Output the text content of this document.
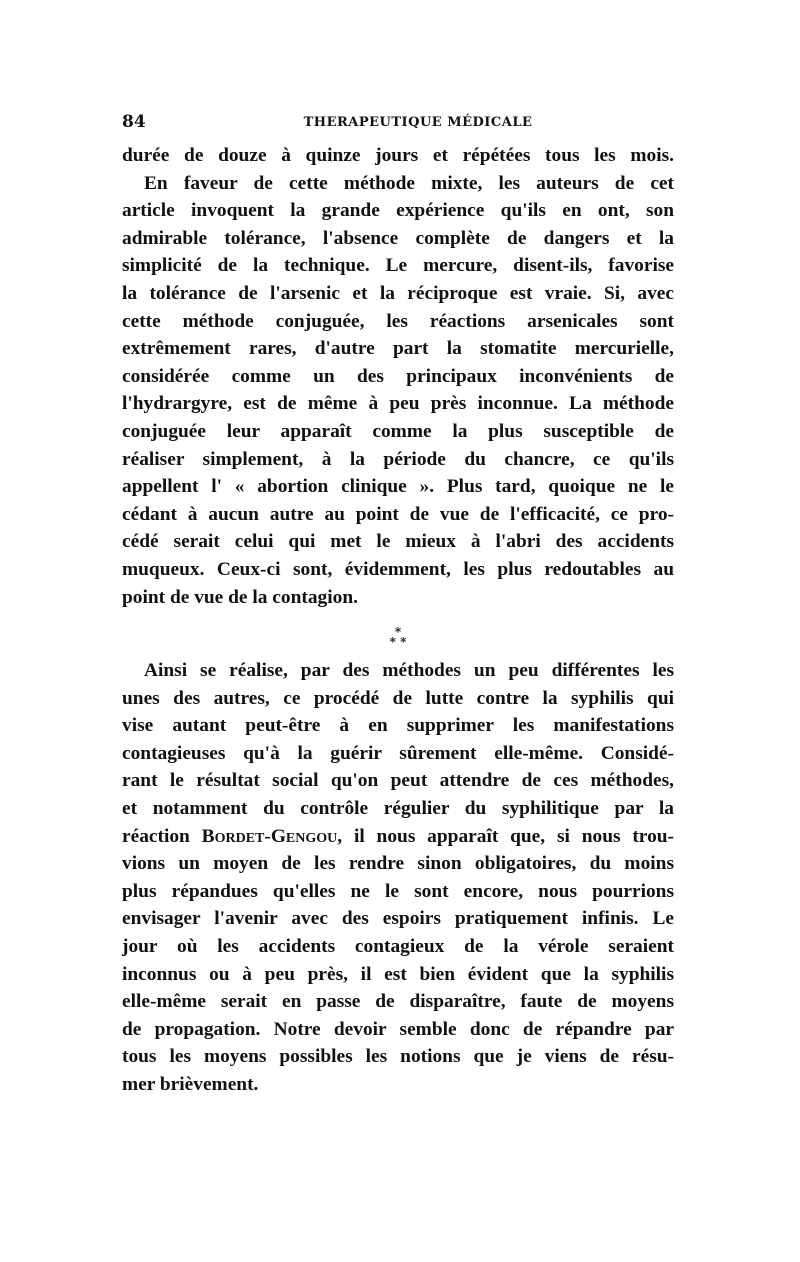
84	THERAPEUTIQUE MÉDICALE
durée de douze à quinze jours et répétées tous les mois.
En faveur de cette méthode mixte, les auteurs de cet
article invoquent la grande expérience qu'ils en ont, son
admirable tolérance, l'absence complète de dangers et la
simplicité de la technique. Le mercure, disent-ils, favorise
la tolérance de l'arsenic et la réciproque est vraie. Si, avec
cette méthode conjuguée, les réactions arsenicales sont
extrêmement rares, d'autre part la stomatite mercurielle,
considérée comme un des principaux inconvénients de
l'hydrargyre, est de même à peu près inconnue. La méthode
conjuguée leur apparaît comme la plus susceptible de
réaliser simplement, à la période du chancre, ce qu'ils
appellent l' « abortion clinique ». Plus tard, quoique ne le
cédant à aucun autre au point de vue de l'efficacité, ce pro-
cédé serait celui qui met le mieux à l'abri des accidents
muqueux. Ceux-ci sont, évidemment, les plus redoutables au
point de vue de la contagion.
*
* *
Ainsi se réalise, par des méthodes un peu différentes les
unes des autres, ce procédé de lutte contre la syphilis qui
vise autant peut-être à en supprimer les manifestations
contagieuses qu'à la guérir sûrement elle-même. Considé-
rant le résultat social qu'on peut attendre de ces méthodes,
et notamment du contrôle régulier du syphilitique par la
réaction Bordet-Gengou, il nous apparaît que, si nous trou-
vions un moyen de les rendre sinon obligatoires, du moins
plus répandues qu'elles ne le sont encore, nous pourrions
envisager l'avenir avec des espoirs pratiquement infinis. Le
jour où les accidents contagieux de la vérole seraient
inconnus ou à peu près, il est bien évident que la syphilis
elle-même serait en passe de disparaître, faute de moyens
de propagation. Notre devoir semble donc de répandre par
tous les moyens possibles les notions que je viens de résu-
mer brièvement.
